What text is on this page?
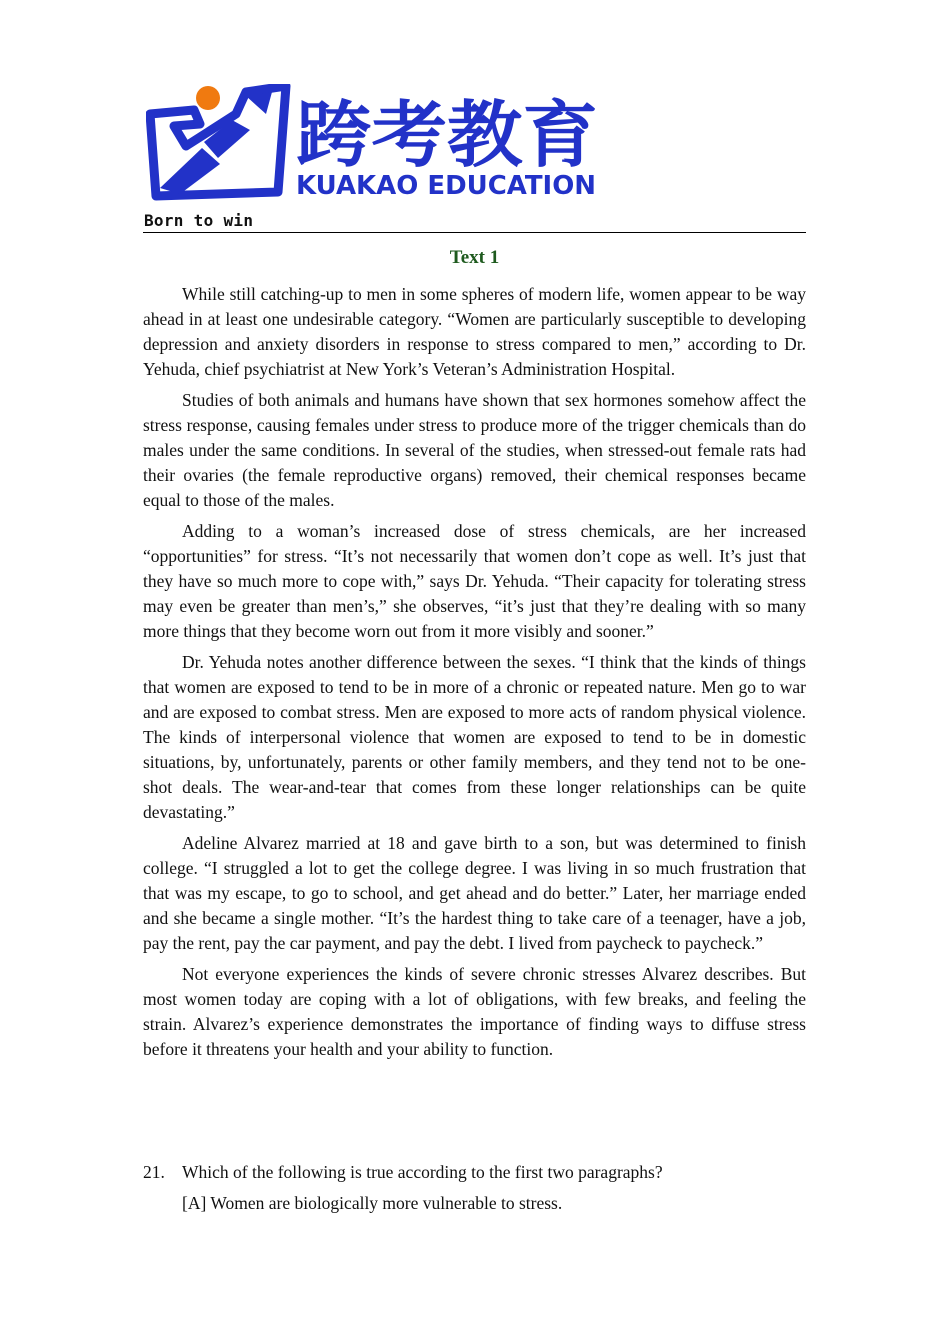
跨考教育
KUAKAO EDUCATION
Born to win
Text 1

While still catching-up to men in some spheres of modern life, women appear to be way ahead in at least one undesirable category. “Women are particularly susceptible to developing depression and anxiety disorders in response to stress compared to men,” according to Dr. Yehuda, chief psychiatrist at New York’s Veteran’s Administration Hospital.

Studies of both animals and humans have shown that sex hormones somehow affect the stress response, causing females under stress to produce more of the trigger chemicals than do males under the same conditions. In several of the studies, when stressed-out female rats had their ovaries (the female reproductive organs) removed, their chemical responses became equal to those of the males.

Adding to a woman’s increased dose of stress chemicals, are her increased “opportunities” for stress. “It’s not necessarily that women don’t cope as well. It’s just that they have so much more to cope with,” says Dr. Yehuda. “Their capacity for tolerating stress may even be greater than men’s,” she observes, “it’s just that they’re dealing with so many more things that they become worn out from it more visibly and sooner.”

Dr. Yehuda notes another difference between the sexes. “I think that the kinds of things that women are exposed to tend to be in more of a chronic or repeated nature. Men go to war and are exposed to combat stress. Men are exposed to more acts of random physical violence. The kinds of interpersonal violence that women are exposed to tend to be in domestic situations, by, unfortunately, parents or other family members, and they tend not to be one-shot deals. The wear-and-tear that comes from these longer relationships can be quite devastating.”

Adeline Alvarez married at 18 and gave birth to a son, but was determined to finish college. “I struggled a lot to get the college degree. I was living in so much frustration that that was my escape, to go to school, and get ahead and do better.” Later, her marriage ended and she became a single mother. “It’s the hardest thing to take care of a teenager, have a job, pay the rent, pay the car payment, and pay the debt. I lived from paycheck to paycheck.”

Not everyone experiences the kinds of severe chronic stresses Alvarez describes. But most women today are coping with a lot of obligations, with few breaks, and feeling the strain. Alvarez’s experience demonstrates the importance of finding ways to diffuse stress before it threatens your health and your ability to function.

21. Which of the following is true according to the first two paragraphs?
[A] Women are biologically more vulnerable to stress.
